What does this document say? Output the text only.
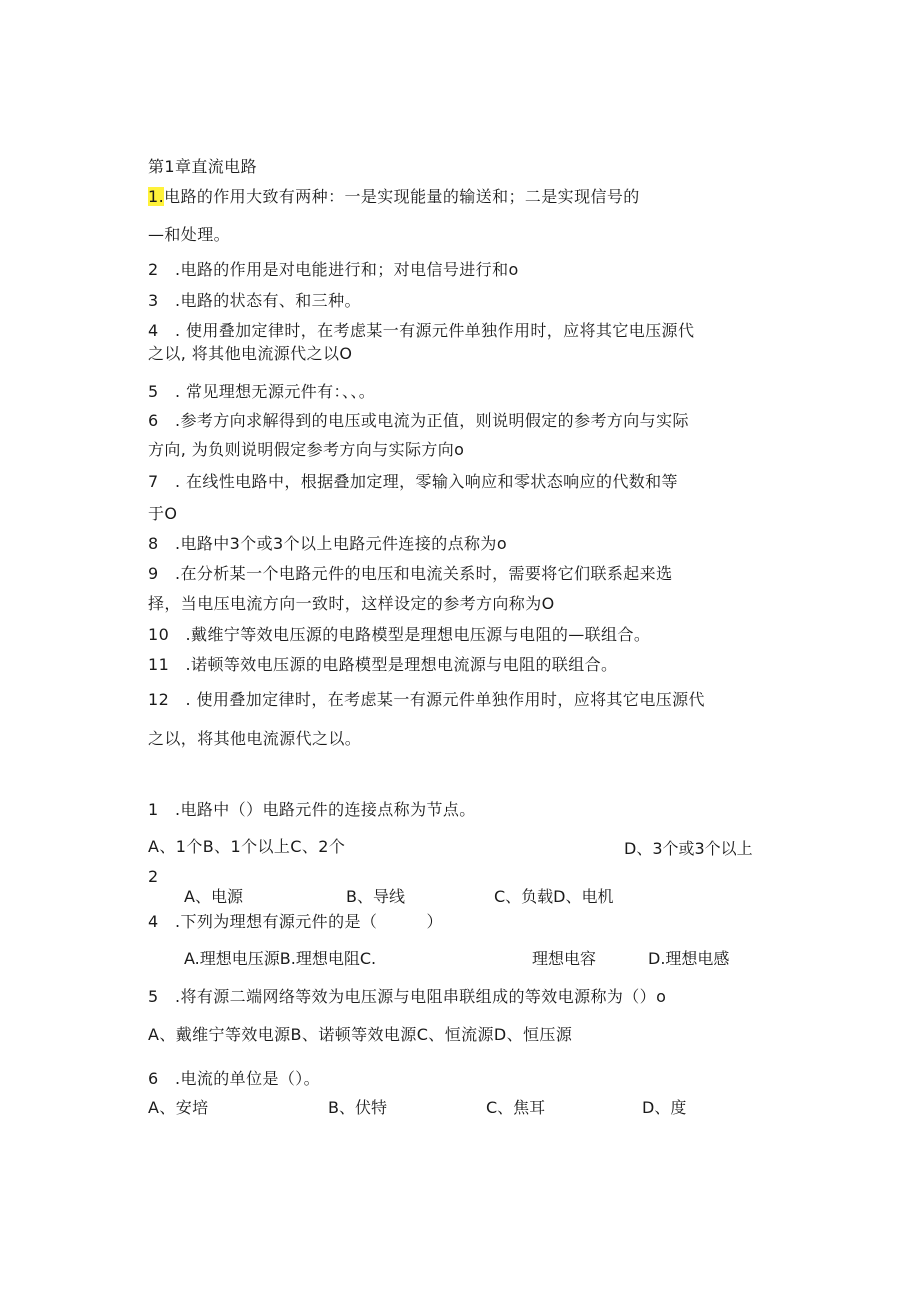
第1章直流电路
1.电路的作用大致有两种：一是实现能量的输送和；二是实现信号的
—和处理。
2　.电路的作用是对电能进行和；对电信号进行和o
3　.电路的状态有、和三种。
4　. 使用叠加定律时，在考虑某一有源元件单独作用时，应将其它电压源代
之以, 将其他电流源代之以O
5　. 常见理想无源元件有：、、。
6　.参考方向求解得到的电压或电流为正值，则说明假定的参考方向与实际
方向, 为负则说明假定参考方向与实际方向o
7　. 在线性电路中，根据叠加定理，零输入响应和零状态响应的代数和等
于O
8　.电路中3个或3个以上电路元件连接的点称为o
9　.在分析某一个电路元件的电压和电流关系时，需要将它们联系起来选
择，当电压电流方向一致时，这样设定的参考方向称为O
10　.戴维宁等效电压源的电路模型是理想电压源与电阻的—联组合。
11　.诺顿等效电压源的电路模型是理想电流源与电阻的联组合。
12　. 使用叠加定律时，在考虑某一有源元件单独作用时，应将其它电压源代
之以，将其他电流源代之以。
1　.电路中（）电路元件的连接点称为节点。
A、1个B、1个以上C、2个	D、3个或3个以上
2
A、电源	B、导线	C、负载D、电机
4　.下列为理想有源元件的是（　　　）
A.理想电压源B.理想电阻C.	理想电容	D.理想电感
5　.将有源二端网络等效为电压源与电阻串联组成的等效电源称为（）o
A、戴维宁等效电源B、诺顿等效电源C、恒流源D、恒压源
6　.电流的单位是（）。
A、安培	B、伏特	C、焦耳	D、度
